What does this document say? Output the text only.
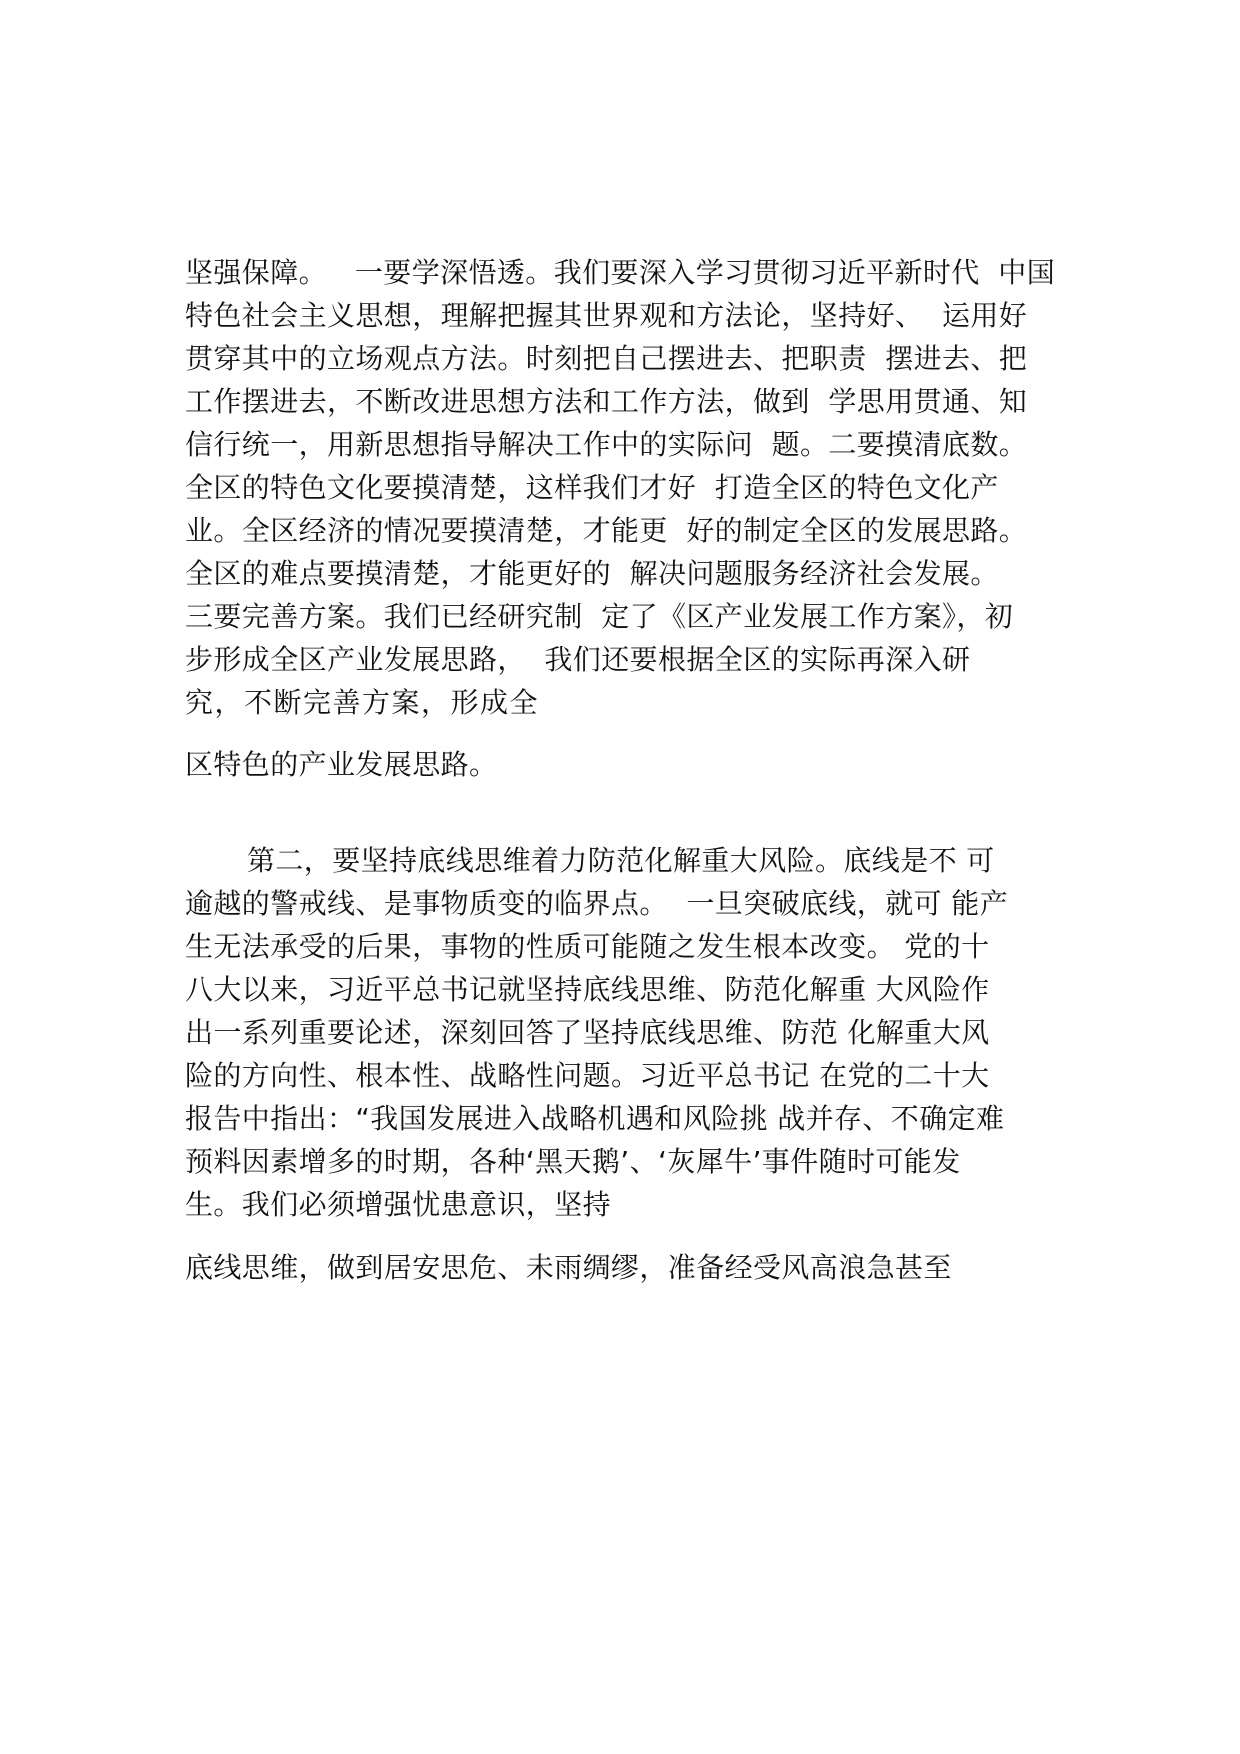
坚强保障。   一要学深悟透。我们要深入学习贯彻习近平新时代  中国
特色社会主义思想，理解把握其世界观和方法论，坚持好、  运用好
贯穿其中的立场观点方法。时刻把自己摆进去、把职责  摆进去、把
工作摆进去，不断改进思想方法和工作方法，做到  学思用贯通、知
信行统一，用新思想指导解决工作中的实际问  题。二要摸清底数。
全区的特色文化要摸清楚，这样我们才好  打造全区的特色文化产
业。全区经济的情况要摸清楚，才能更  好的制定全区的发展思路。
全区的难点要摸清楚，才能更好的  解决问题服务经济社会发展。
三要完善方案。我们已经研究制  定了《区产业发展工作方案》，初
步形成全区产业发展思路，  我们还要根据全区的实际再深入研
究，不断完善方案，形成全
区特色的产业发展思路。
第二，要坚持底线思维着力防范化解重大风险。底线是不 可
逾越的警戒线、是事物质变的临界点。  一旦突破底线，就可 能产
生无法承受的后果，事物的性质可能随之发生根本改变。 党的十
八大以来，习近平总书记就坚持底线思维、防范化解重 大风险作
出一系列重要论述，深刻回答了坚持底线思维、防范 化解重大风
险的方向性、根本性、战略性问题。习近平总书记 在党的二十大
报告中指出：“我国发展进入战略机遇和风险挑 战并存、不确定难
预料因素增多的时期，各种‘黑天鹅’、‘灰犀牛’事件随时可能发
生。我们必须增强忧患意识，坚持
底线思维，做到居安思危、未雨绸缪，准备经受风高浪急甚至
